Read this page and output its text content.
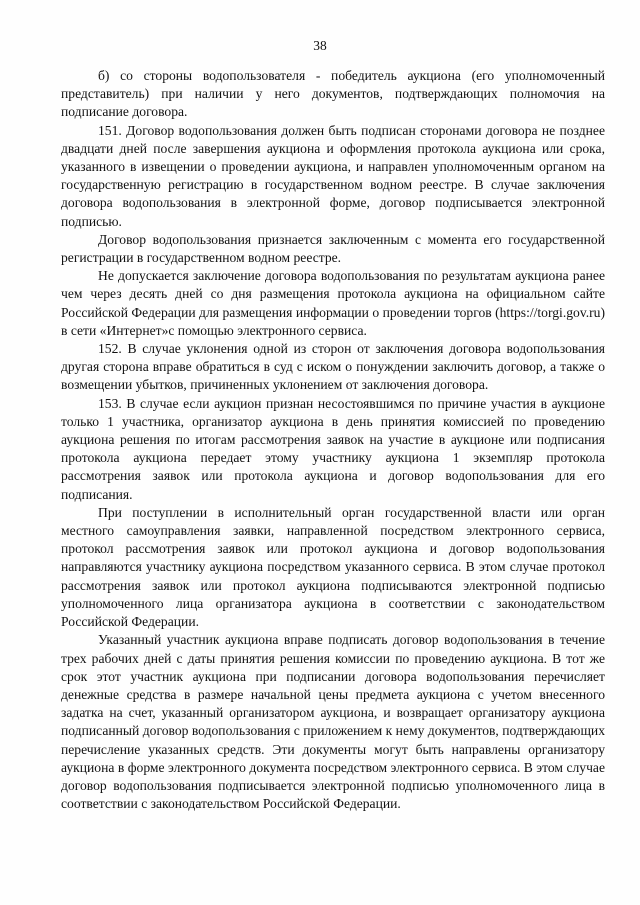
38

б) со стороны водопользователя - победитель аукциона (его уполномоченный представитель) при наличии у него документов, подтверждающих полномочия на подписание договора.

151. Договор водопользования должен быть подписан сторонами договора не позднее двадцати дней после завершения аукциона и оформления протокола аукциона или срока, указанного в извещении о проведении аукциона, и направлен уполномоченным органом на государственную регистрацию в государственном водном реестре. В случае заключения договора водопользования в электронной форме, договор подписывается электронной подписью.

Договор водопользования признается заключенным с момента его государственной регистрации в государственном водном реестре.

Не допускается заключение договора водопользования по результатам аукциона ранее чем через десять дней со дня размещения протокола аукциона на официальном сайте Российской Федерации для размещения информации о проведении торгов (https://torgi.gov.ru) в сети «Интернет»с помощью электронного сервиса.

152. В случае уклонения одной из сторон от заключения договора водопользования другая сторона вправе обратиться в суд с иском о понуждении заключить договор, а также о возмещении убытков, причиненных уклонением от заключения договора.

153. В случае если аукцион признан несостоявшимся по причине участия в аукционе только 1 участника, организатор аукциона в день принятия комиссией по проведению аукциона решения по итогам рассмотрения заявок на участие в аукционе или подписания протокола аукциона передает этому участнику аукциона 1 экземпляр протокола рассмотрения заявок или протокола аукциона и договор водопользования для его подписания.

При поступлении в исполнительный орган государственной власти или орган местного самоуправления заявки, направленной посредством электронного сервиса, протокол рассмотрения заявок или протокол аукциона и договор водопользования направляются участнику аукциона посредством указанного сервиса. В этом случае протокол рассмотрения заявок или протокол аукциона подписываются электронной подписью уполномоченного лица организатора аукциона в соответствии с законодательством Российской Федерации.

Указанный участник аукциона вправе подписать договор водопользования в течение трех рабочих дней с даты принятия решения комиссии по проведению аукциона. В тот же срок этот участник аукциона при подписании договора водопользования перечисляет денежные средства в размере начальной цены предмета аукциона с учетом внесенного задатка на счет, указанный организатором аукциона, и возвращает организатору аукциона подписанный договор водопользования с приложением к нему документов, подтверждающих перечисление указанных средств. Эти документы могут быть направлены организатору аукциона в форме электронного документа посредством электронного сервиса. В этом случае договор водопользования подписывается электронной подписью уполномоченного лица в соответствии с законодательством Российской Федерации.
